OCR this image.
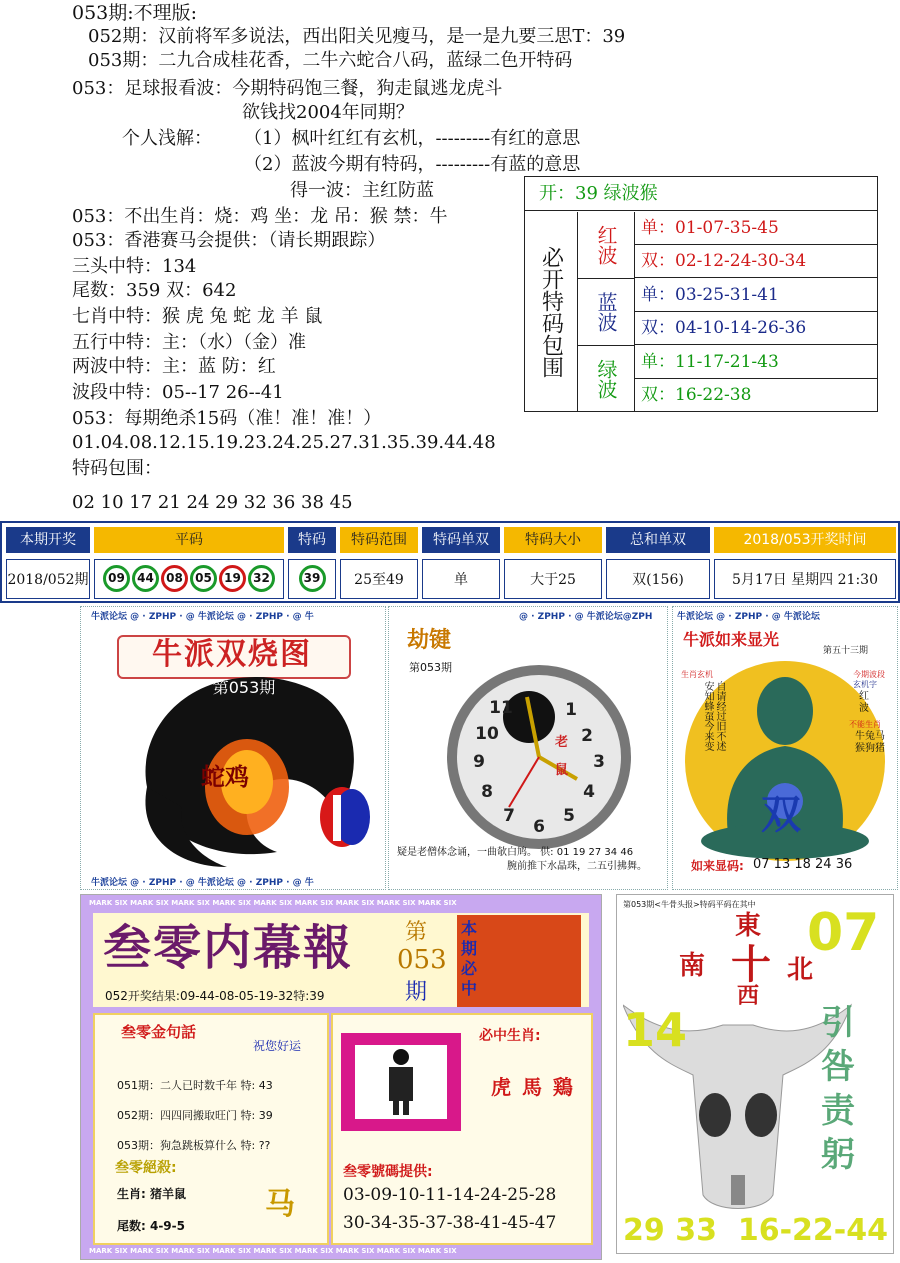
053期:不理版:
052期：汉前将军多说法，西出阳关见瘦马，是一是九要三思T：39
053期：二九合成桂花香，二牛六蛇合八码，蓝绿二色开特码
053：足球报看波：今期特码饱三餐，狗走鼠逃龙虎斗
欲钱找2004年同期？
个人浅解： （1）枫叶红红有玄机，---------有红的意思
（2）蓝波今期有特码，---------有蓝的意思
得一波：主红防蓝
053：不出生肖：烧：鸡 坐：龙 吊：猴 禁：牛
053：香港赛马会提供：（请长期跟踪）
三头中特：134
尾数：359 双：642
七肖中特：猴 虎 兔 蛇 龙 羊 鼠
五行中特：主：（水）（金）准
两波中特：主：蓝 防：红
波段中特：05--17 26--41
053：每期绝杀15码（准！准！准！）
01.04.08.12.15.19.23.24.25.27.31.35.39.44.48
特码包围：
02 10 17 21 24 29 32 36 38 45
开：39 绿波猴
必开特码包围
红波	单：01-07-35-45
双：02-12-24-30-34
蓝波	单：03-25-31-41
双：04-10-14-26-36
绿波	单：11-17-21-43
双：16-22-38
本期开奖	平码	特码	特码范围	特码单双	特码大小	总和单双	2018/053开奖时间
2018/052期	09 44 08 05 19 32	39	25至49	单	大于25	双(156)	5月17日 星期四 21:30
牛派论坛 @ · ZPHP · @ 牛派论坛 @ · ZPHP · @ 牛
牛派论坛 @ · ZPHP · @ 牛派论坛 @ · ZPHP · @ 牛
牛派双烧图
第053期
蛇鸡
@ · ZPHP · @ 牛派论坛@ZPH
劫键
第053期
2
3
4
5
6
7
8
9
10
11	1
老
鼠
疑是老僧体念诵，一曲欹白鸠。 供: 01 19 27 34 46
腕前推下水晶珠，二五引拂舞。
牛派论坛 @ · ZPHP · @ 牛派论坛
牛派如来显光
第五十三期
生肖玄机
自请经过旧不述 安知蜂虿今来变
今期波段
玄机字
红波
不能生肖
牛兔马猴狗猪
双
如来显码: 07 13 18 24 36
MARK SIX MARK SIX MARK SIX MARK SIX MARK SIX MARK SIX MARK SIX MARK SIX MARK SIX
MARK SIX MARK SIX MARK SIX MARK SIX MARK SIX MARK SIX MARK SIX MARK SIX MARK SIX
叁零内幕報 第
053
期
本期必中
052开奖结果:09-44-08-05-19-32特:39
叁零金句話
祝您好运
051期：二人已时数千年 特: 43
052期：四四同搬取旺门 特: 39
053期：狗急跳板算什么 特: ??
叁零絕殺:
生肖: 猪羊鼠
尾数: 4-9-5
马
必中生肖:
虎 馬 鶏
叁零號碼提供:
03-09-10-11-14-24-25-28
30-34-35-37-38-41-45-47
第053期<牛骨头报>特码平码在其中
東
南 十 北
西
07
14	引咎责躬
29 33  16-22-44
